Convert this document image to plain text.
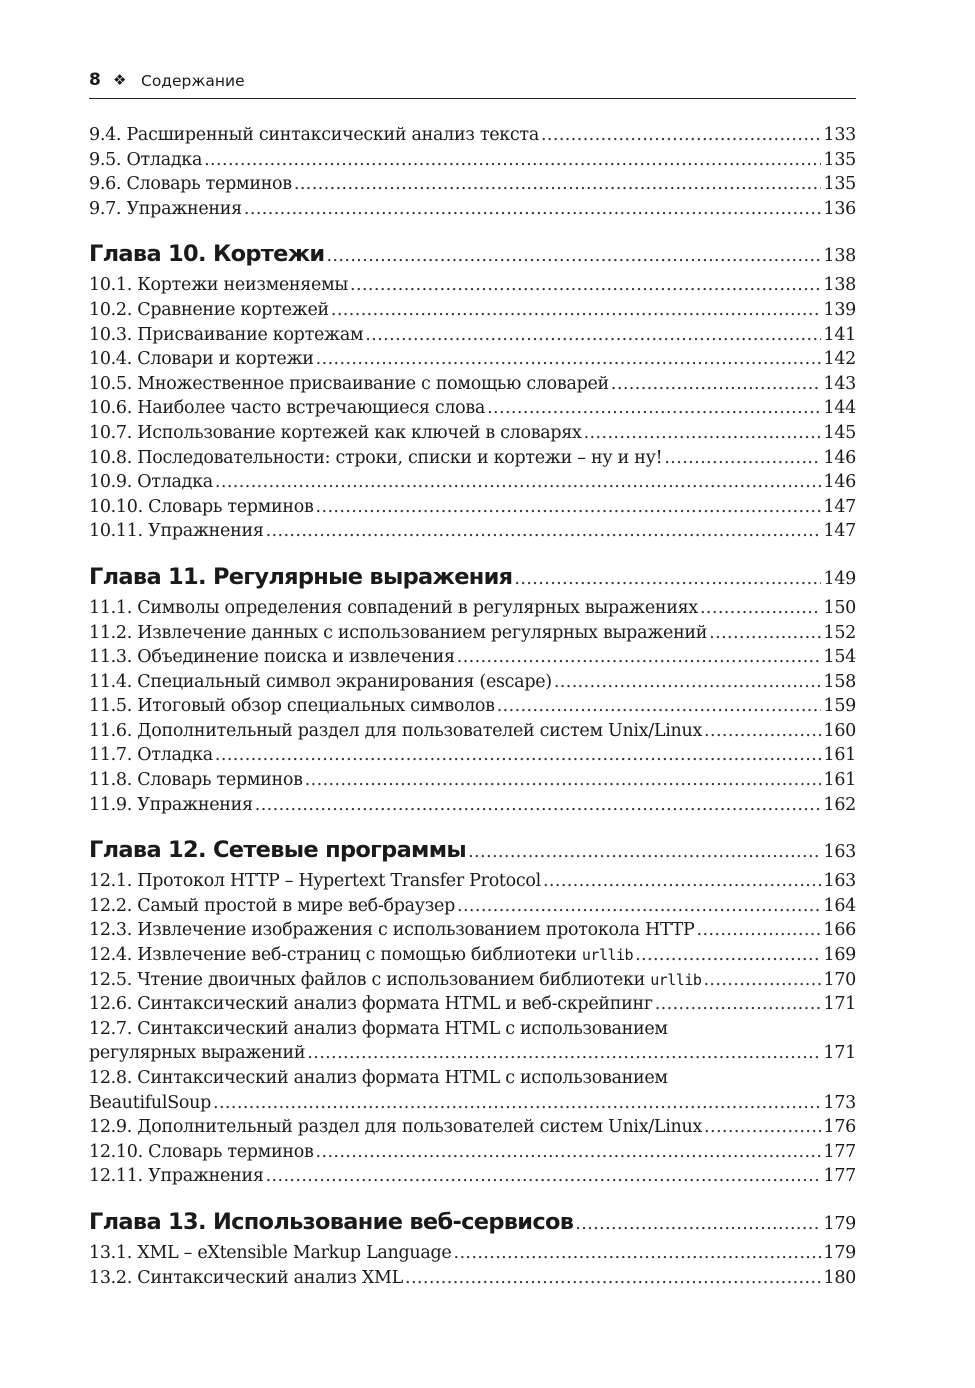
8 ❖ Содержание
9.4. Расширенный синтаксический анализ текста .....	133
9.5. Отладка .....	135
9.6. Словарь терминов .....	135
9.7. Упражнения .....	136
Глава 10. Кортежи .....	138
10.1. Кортежи неизменяемы .....	138
10.2. Сравнение кортежей .....	139
10.3. Присваивание кортежам .....	141
10.4. Словари и кортежи .....	142
10.5. Множественное присваивание с помощью словарей .....	143
10.6. Наиболее часто встречающиеся слова .....	144
10.7. Использование кортежей как ключей в словарях .....	145
10.8. Последовательности: строки, списки и кортежи – ну и ну! .....	146
10.9. Отладка .....	146
10.10. Словарь терминов .....	147
10.11. Упражнения .....	147
Глава 11. Регулярные выражения .....	149
11.1. Символы определения совпадений в регулярных выражениях .....	150
11.2. Извлечение данных с использованием регулярных выражений .....	152
11.3. Объединение поиска и извлечения .....	154
11.4. Специальный символ экранирования (escape) .....	158
11.5. Итоговый обзор специальных символов .....	159
11.6. Дополнительный раздел для пользователей систем Unix/Linux .....	160
11.7. Отладка .....	161
11.8. Словарь терминов .....	161
11.9. Упражнения .....	162
Глава 12. Сетевые программы .....	163
12.1. Протокол HTTP – Hypertext Transfer Protocol .....	163
12.2. Самый простой в мире веб-браузер .....	164
12.3. Извлечение изображения с использованием протокола HTTP .....	166
12.4. Извлечение веб-страниц с помощью библиотеки urllib .....	169
12.5. Чтение двоичных файлов с использованием библиотеки urllib .....	170
12.6. Синтаксический анализ формата HTML и веб-скрейпинг .....	171
12.7. Синтаксический анализ формата HTML с использованием
регулярных выражений .....	171
12.8. Синтаксический анализ формата HTML с использованием
BeautifulSoup .....	173
12.9. Дополнительный раздел для пользователей систем Unix/Linux .....	176
12.10. Словарь терминов .....	177
12.11. Упражнения .....	177
Глава 13. Использование веб-сервисов .....	179
13.1. XML – eXtensible Markup Language .....	179
13.2. Синтаксический анализ XML .....	180
